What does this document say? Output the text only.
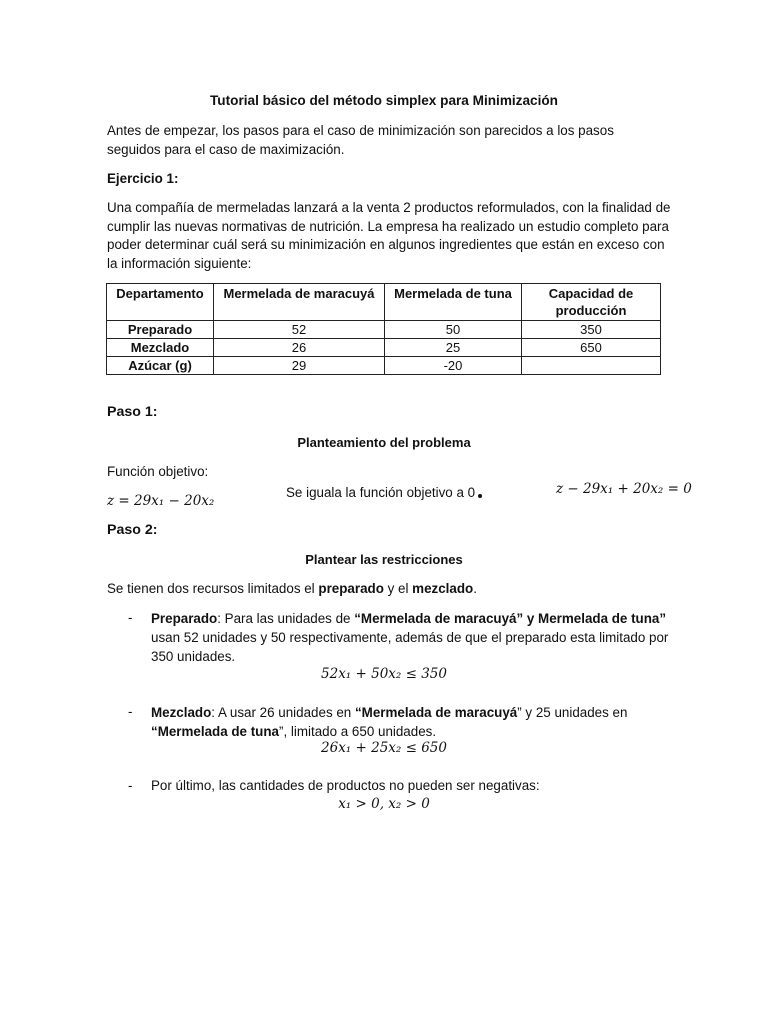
Tutorial básico del método simplex para Minimización
Antes de empezar, los pasos para el caso de minimización son parecidos a los pasos seguidos para el caso de maximización.
Ejercicio 1:
Una compañía de mermeladas lanzará a la venta 2 productos reformulados, con la finalidad de cumplir las nuevas normativas de nutrición. La empresa ha realizado un estudio completo para poder determinar cuál será su minimización en algunos ingredientes que están en exceso con la información siguiente:
Departamento	Mermelada de maracuyá	Mermelada de tuna	Capacidad de producción
Preparado	52	50	350
Mezclado	26	25	650
Azúcar (g)	29	-20	
Paso 1:
Planteamiento del problema
Función objetivo:
z = 29x₁ − 20x₂
Se iguala la función objetivo a 0	z − 29x₁ + 20x₂ = 0
Paso 2:
Plantear las restricciones
Se tienen dos recursos limitados el preparado y el mezclado.
- Preparado: Para las unidades de “Mermelada de maracuyá” y Mermelada de tuna” usan 52 unidades y 50 respectivamente, además de que el preparado esta limitado por 350 unidades.
52x₁ + 50x₂ ≤ 350
- Mezclado: A usar 26 unidades en “Mermelada de maracuyá” y 25 unidades en “Mermelada de tuna”, limitado a 650 unidades.
26x₁ + 25x₂ ≤ 650
- Por último, las cantidades de productos no pueden ser negativas:
x₁ > 0, x₂ > 0
